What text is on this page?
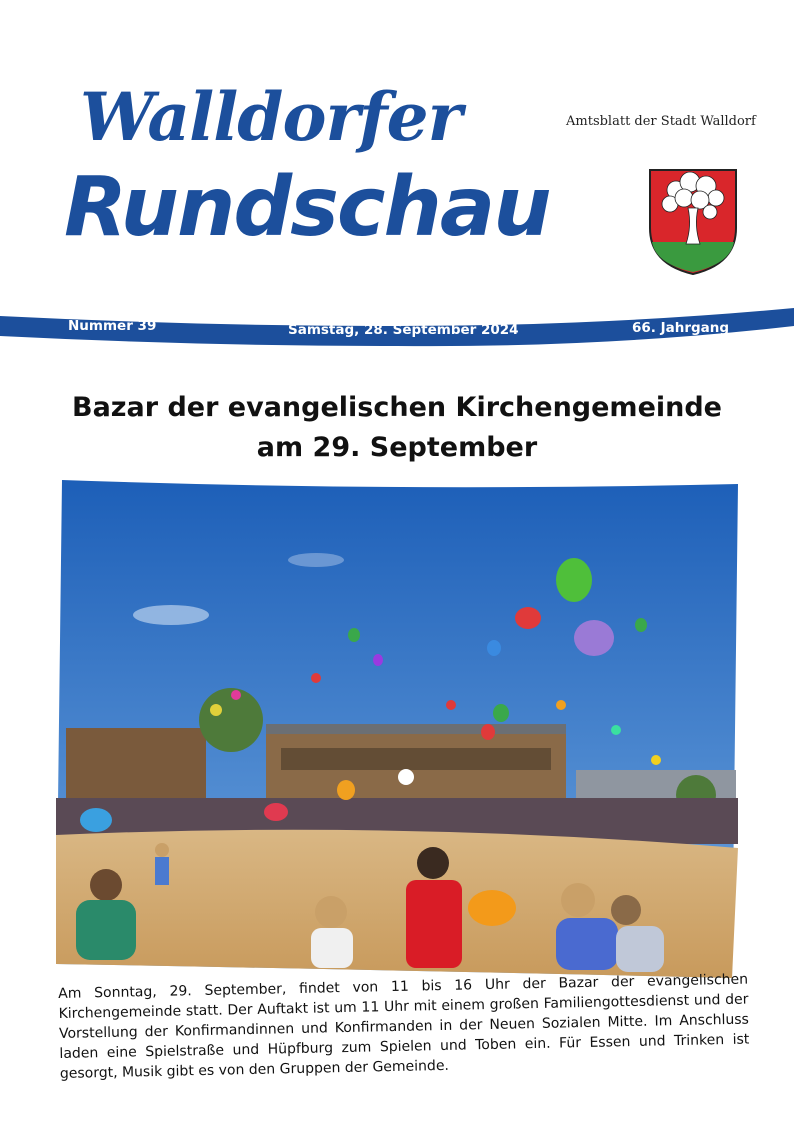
Walldorfer
Rundschau
Amtsblatt der Stadt Walldorf
Nummer 39	Samstag, 28. September 2024	66. Jahrgang
Bazar der evangelischen Kirchengemeinde
am 29. September
Am Sonntag, 29. September, findet von 11 bis 16 Uhr der Bazar der evangelischen Kirchengemeinde statt. Der Auftakt ist um 11 Uhr mit einem großen Familiengottesdienst und der Vorstellung der Konfirmandinnen und Konfirmanden in der Neuen Sozialen Mitte. Im Anschluss laden eine Spielstraße und Hüpfburg zum Spielen und Toben ein. Für Essen und Trinken ist gesorgt, Musik gibt es von den Gruppen der Gemeinde.
